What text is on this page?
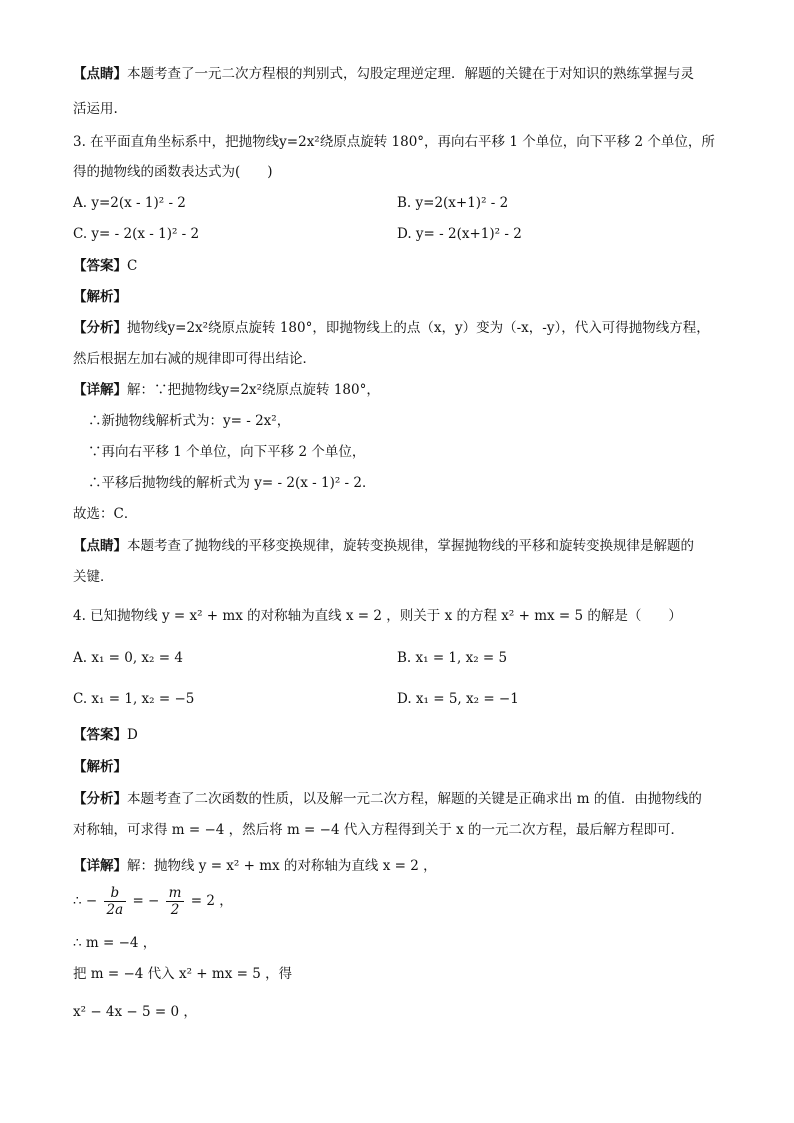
【点睛】本题考查了一元二次方程根的判别式，勾股定理逆定理．解题的关键在于对知识的熟练掌握与灵
活运用.
3. 在平面直角坐标系中，把抛物线y=2x²绕原点旋转 180°，再向右平移 1 个单位，向下平移 2 个单位，所
得的抛物线的函数表达式为(　　)
A. y=2(x - 1)² - 2	B. y=2(x+1)² - 2
C. y= - 2(x - 1)² - 2	D. y= - 2(x+1)² - 2
【答案】C
【解析】
【分析】抛物线y=2x²绕原点旋转 180°，即抛物线上的点（x，y）变为（-x，-y），代入可得抛物线方程，
然后根据左加右减的规律即可得出结论．
【详解】解：∵把抛物线y=2x²绕原点旋转 180°，
∴新抛物线解析式为：y= - 2x²，
∵再向右平移 1 个单位，向下平移 2 个单位，
∴平移后抛物线的解析式为 y= - 2(x - 1)² - 2．
故选：C．
【点睛】本题考查了抛物线的平移变换规律，旋转变换规律，掌握抛物线的平移和旋转变换规律是解题的
关键．
4. 已知抛物线 y = x² + mx 的对称轴为直线 x = 2 ，则关于 x 的方程 x² + mx = 5 的解是（　　）
A. x₁ = 0, x₂ = 4	B. x₁ = 1, x₂ = 5
C. x₁ = 1, x₂ = −5	D. x₁ = 5, x₂ = −1
【答案】D
【解析】
【分析】本题考查了二次函数的性质，以及解一元二次方程，解题的关键是正确求出 m 的值．由抛物线的
对称轴，可求得 m = −4 ，然后将 m = −4 代入方程得到关于 x 的一元二次方程，最后解方程即可．
【详解】解：抛物线 y = x² + mx 的对称轴为直线 x = 2 ，
∴ − $\frac{b}{2a}$ = − $\frac{m}{2} = 2$ ，
∴ m = −4 ，
把 m = −4 代入 x² + mx = 5 ，得
x² − 4x − 5 = 0 ，
